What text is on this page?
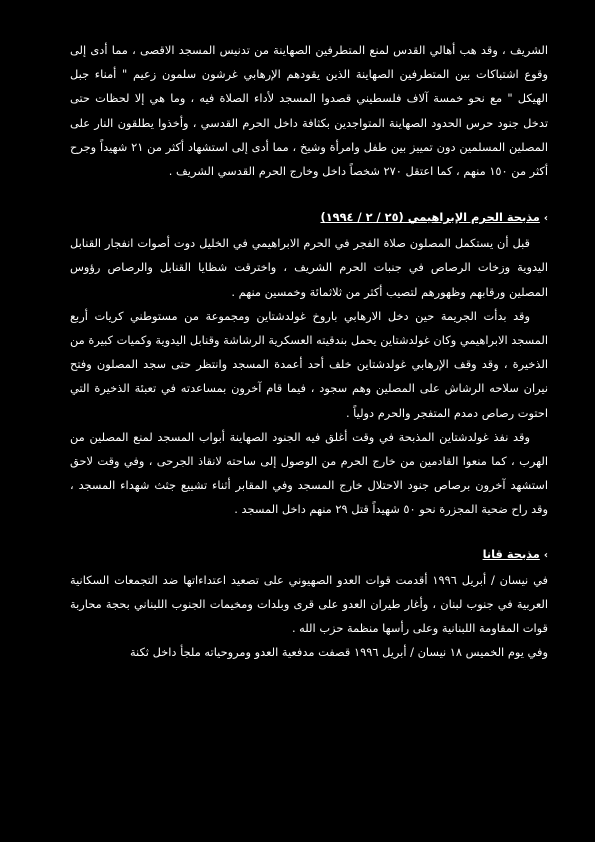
الشريف ، وقد هب أهالي القدس لمنع المتطرفين الصهاينة من تدنيس المسجد الاقصى ، مما أدى إلى وقوع اشتباكات بين المتطرفين الصهاينة الذين يقودهم الإرهابي غرشون سلمون زعيم " أمناء جبل الهيكل " مع نحو خمسة آلاف فلسطيني قصدوا المسجد لأداء الصلاة فيه ، وما هي إلا لحظات حتى تدخل جنود حرس الحدود الصهاينة المتواجدين بكثافة داخل الحرم القدسي ، وأخذوا يطلقون النار على المصلين المسلمين دون تمييز بين طفل وامرأة وشيخ ، مما أدى إلى استشهاد أكثر من ٢١ شهيداً وجرح أكثر من ١٥٠ منهم ، كما اعتقل ٢٧٠ شخصاً داخل وخارج الحرم القدسي الشريف .

›مذبحة الحرم الإبراهيمي (٢٥ / ٢ / ١٩٩٤)

قبل أن يستكمل المصلون صلاة الفجر في الحرم الابراهيمي في الخليل دوت أصوات انفجار القنابل اليدوية وزخات الرصاص في جنبات الحرم الشريف ، واخترقت شظايا القنابل والرصاص رؤوس المصلين ورقابهم وظهورهم لتصيب أكثر من ثلاثمائة وخمسين منهم .

وقد بدأت الجريمة حين دخل الارهابي باروخ غولدشتاين ومجموعة من مستوطني كريات أربع المسجد الابراهيمي وكان غولدشتاين يحمل بندقيته العسكرية الرشاشة وقنابل اليدوية وكميات كبيرة من الذخيرة ، وقد وقف الإرهابي غولدشتاين خلف أحد أعمدة المسجد وانتظر حتى سجد المصلون وفتح نيران سلاحه الرشاش على المصلين وهم سجود ، فيما قام آخرون بمساعدته في تعبئة الذخيرة التي احتوت رصاص دمدم المتفجر والحرم دولياً .

وقد نفذ غولدشتاين المذبحة في وقت أغلق فيه الجنود الصهاينة أبواب المسجد لمنع المصلين من الهرب ، كما منعوا القادمين من خارج الحرم من الوصول إلى ساحته لانقاذ الجرحى ، وفي وقت لاحق استشهد آخرون برصاص جنود الاحتلال خارج المسجد وفي المقابر أثناء تشييع جثث شهداء المسجد ، وقد راح ضحية المجزرة نحو ٥٠ شهيداً قتل ٢٩ منهم داخل المسجد .

›مذبحة قانا

في نيسان / أبريل ١٩٩٦ أقدمت قوات العدو الصهيوني على تصعيد اعتداءاتها ضد التجمعات السكانية العربية في جنوب لبنان ، وأغار طيران العدو على قرى وبلدات ومخيمات الجنوب اللبناني بحجة محاربة قوات المقاومة اللبنانية وعلى رأسها منظمة حزب الله .

وفي يوم الخميس ١٨ نيسان / أبريل ١٩٩٦ قصفت مدفعية العدو ومروحياته ملجأ داخل ثكنة
